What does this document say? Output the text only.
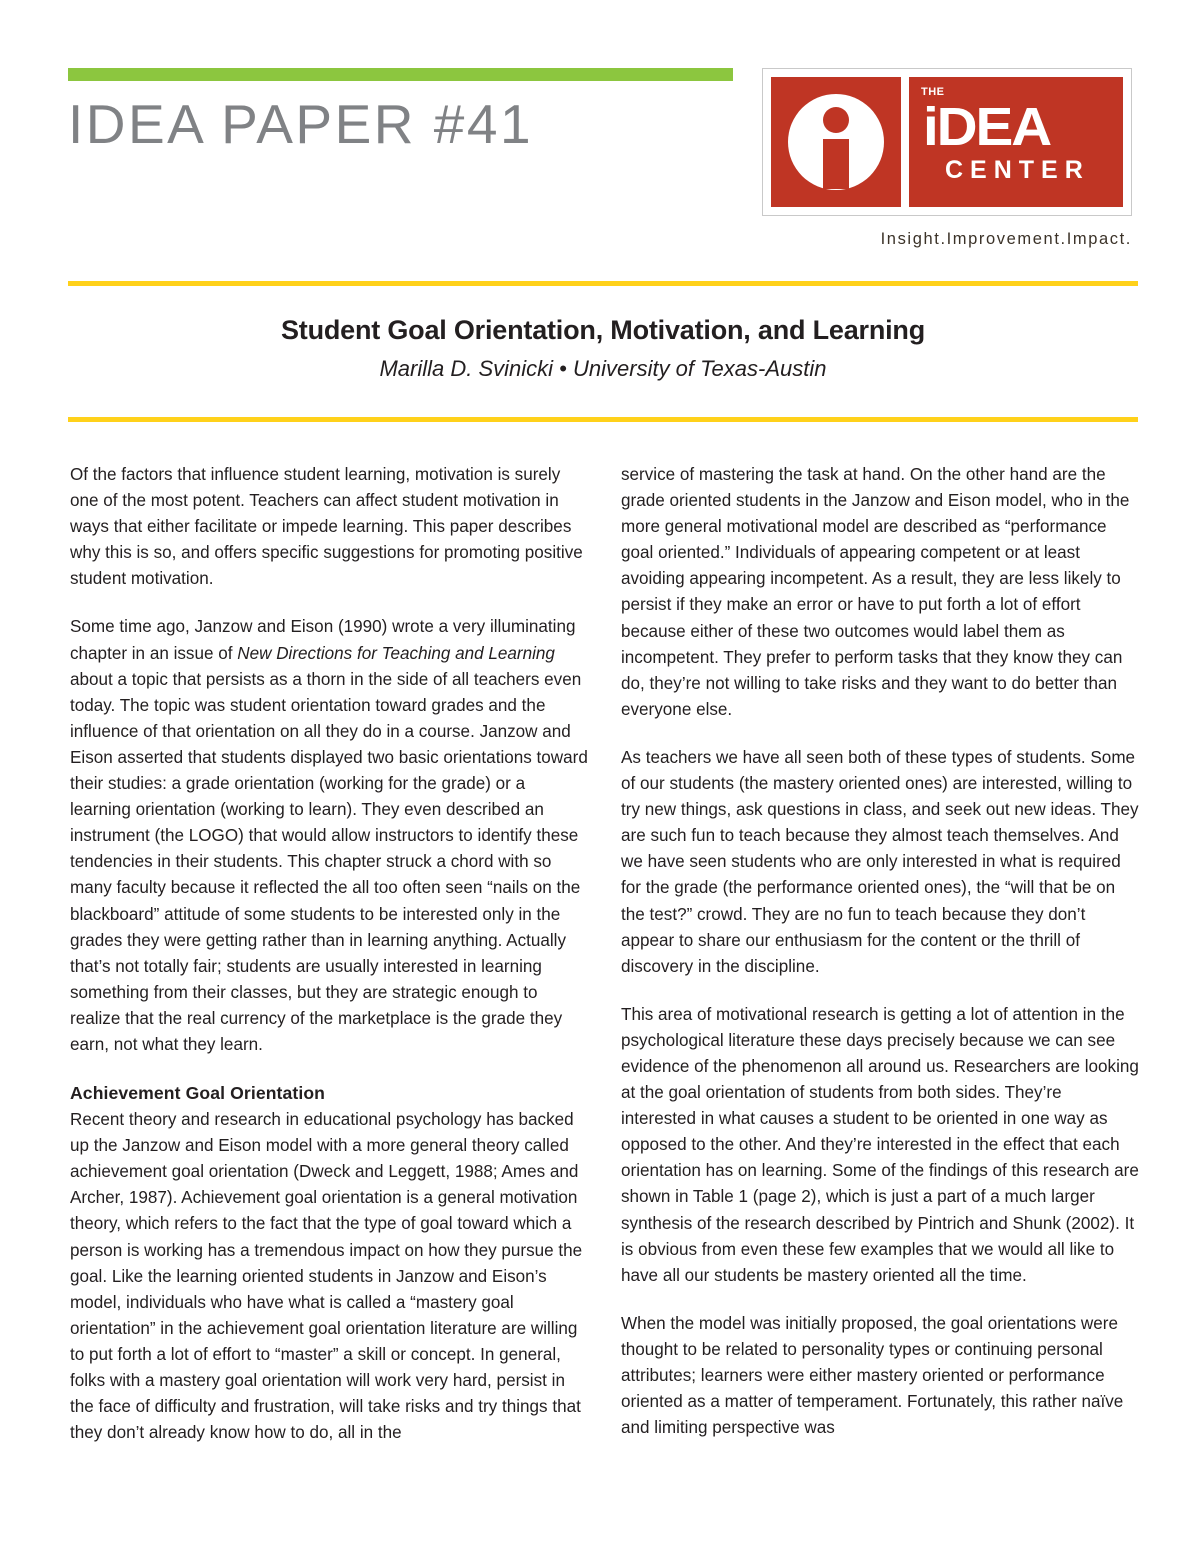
IDEA PAPER #41
THE
iDEA
CENTER
Insight.Improvement.Impact.
Student Goal Orientation, Motivation, and Learning
Marilla D. Svinicki • University of Texas-Austin

Of the factors that influence student learning, motivation is surely one of the most potent. Teachers can affect student motivation in ways that either facilitate or impede learning. This paper describes why this is so, and offers specific suggestions for promoting positive student motivation.

Some time ago, Janzow and Eison (1990) wrote a very illuminating chapter in an issue of New Directions for Teaching and Learning about a topic that persists as a thorn in the side of all teachers even today. The topic was student orientation toward grades and the influence of that orientation on all they do in a course. Janzow and Eison asserted that students displayed two basic orientations toward their studies: a grade orientation (working for the grade) or a learning orientation (working to learn). They even described an instrument (the LOGO) that would allow instructors to identify these tendencies in their students. This chapter struck a chord with so many faculty because it reflected the all too often seen “nails on the blackboard” attitude of some students to be interested only in the grades they were getting rather than in learning anything. Actually that’s not totally fair; students are usually interested in learning something from their classes, but they are strategic enough to realize that the real currency of the marketplace is the grade they earn, not what they learn.

Achievement Goal Orientation

Recent theory and research in educational psychology has backed up the Janzow and Eison model with a more general theory called achievement goal orientation (Dweck and Leggett, 1988; Ames and Archer, 1987). Achievement goal orientation is a general motivation theory, which refers to the fact that the type of goal toward which a person is working has a tremendous impact on how they pursue the goal. Like the learning oriented students in Janzow and Eison’s model, individuals who have what is called a “mastery goal orientation” in the achievement goal orientation literature are willing to put forth a lot of effort to “master” a skill or concept. In general, folks with a mastery goal orientation will work very hard, persist in the face of difficulty and frustration, will take risks and try things that they don’t already know how to do, all in the

service of mastering the task at hand. On the other hand are the grade oriented students in the Janzow and Eison model, who in the more general motivational model are described as “performance goal oriented.” Individuals of appearing competent or at least avoiding appearing incompetent. As a result, they are less likely to persist if they make an error or have to put forth a lot of effort because either of these two outcomes would label them as incompetent. They prefer to perform tasks that they know they can do, they’re not willing to take risks and they want to do better than everyone else.

As teachers we have all seen both of these types of students. Some of our students (the mastery oriented ones) are interested, willing to try new things, ask questions in class, and seek out new ideas. They are such fun to teach because they almost teach themselves. And we have seen students who are only interested in what is required for the grade (the performance oriented ones), the “will that be on the test?” crowd. They are no fun to teach because they don’t appear to share our enthusiasm for the content or the thrill of discovery in the discipline.

This area of motivational research is getting a lot of attention in the psychological literature these days precisely because we can see evidence of the phenomenon all around us. Researchers are looking at the goal orientation of students from both sides. They’re interested in what causes a student to be oriented in one way as opposed to the other. And they’re interested in the effect that each orientation has on learning. Some of the findings of this research are shown in Table 1 (page 2), which is just a part of a much larger synthesis of the research described by Pintrich and Shunk (2002). It is obvious from even these few examples that we would all like to have all our students be mastery oriented all the time.

When the model was initially proposed, the goal orientations were thought to be related to personality types or continuing personal attributes; learners were either mastery oriented or performance oriented as a matter of temperament. Fortunately, this rather naïve and limiting perspective was
